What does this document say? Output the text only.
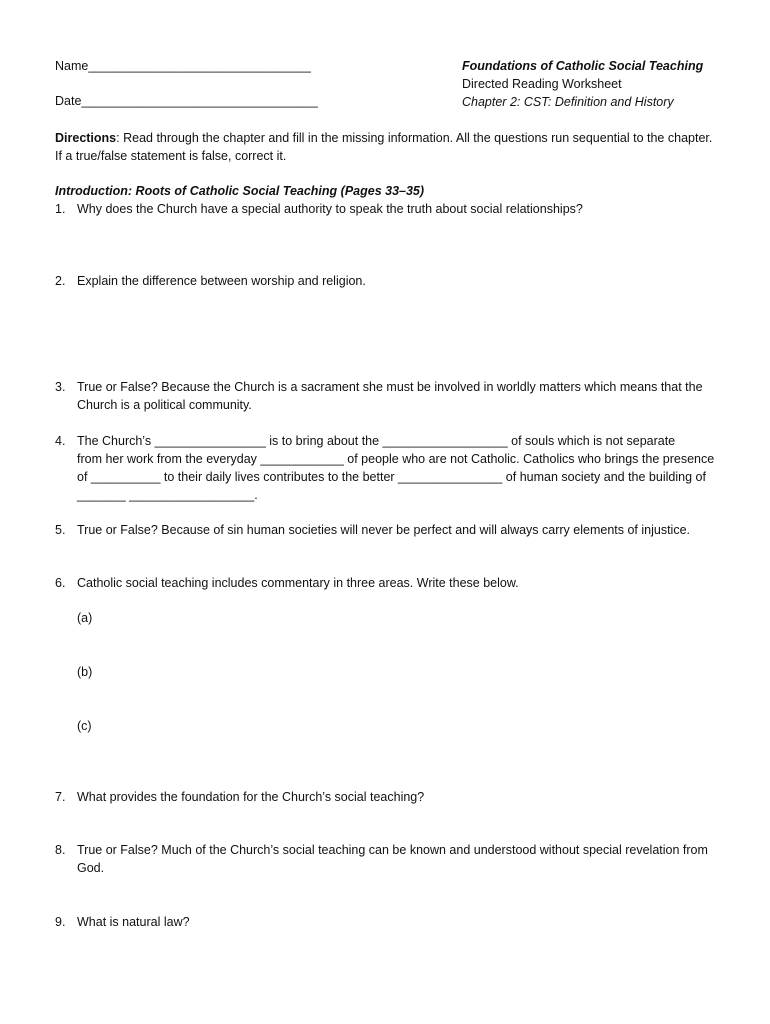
Name________________________________
Date__________________________________
Foundations of Catholic Social Teaching
Directed Reading Worksheet
Chapter 2: CST: Definition and History
Directions: Read through the chapter and fill in the missing information. All the questions run sequential to the chapter. If a true/false statement is false, correct it.
Introduction: Roots of Catholic Social Teaching (Pages 33–35)
1. Why does the Church have a special authority to speak the truth about social relationships?
2. Explain the difference between worship and religion.
3. True or False? Because the Church is a sacrament she must be involved in worldly matters which means that the Church is a political community.
4. The Church’s ________________ is to bring about the __________________ of souls which is not separate
from her work from the everyday ____________ of people who are not Catholic. Catholics who brings the presence
of __________ to their daily lives contributes to the better _______________ of human society and the building of
_______ __________________.
5. True or False? Because of sin human societies will never be perfect and will always carry elements of injustice.
6. Catholic social teaching includes commentary in three areas. Write these below.
(a)
(b)
(c)
7. What provides the foundation for the Church’s social teaching?
8. True or False? Much of the Church’s social teaching can be known and understood without special revelation from God.
9. What is natural law?
